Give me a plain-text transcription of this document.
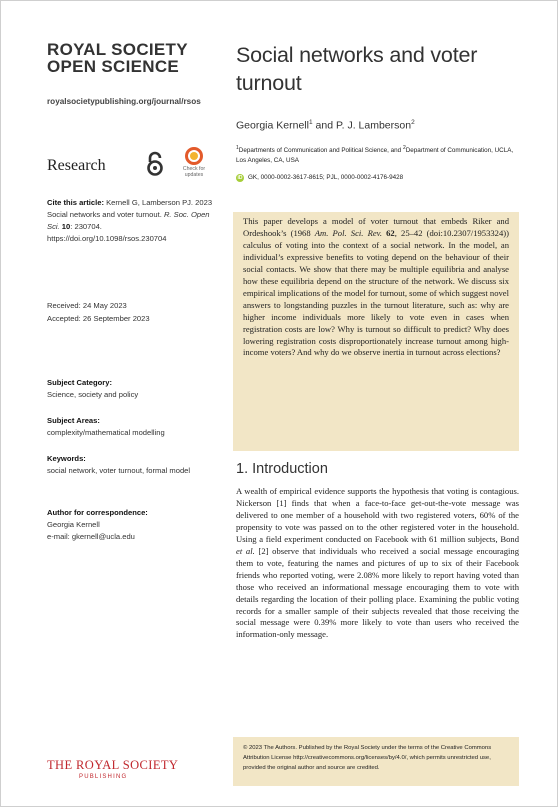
ROYAL SOCIETY
OPEN SCIENCE
royalsocietypublishing.org/journal/rsos
Research	Check for updates
Cite this article: Kernell G, Lamberson PJ. 2023 Social networks and voter turnout. R. Soc. Open Sci. 10: 230704.
https://doi.org/10.1098/rsos.230704
Received: 24 May 2023
Accepted: 26 September 2023
Subject Category:
Science, society and policy
Subject Areas:
complexity/mathematical modelling
Keywords:
social network, voter turnout, formal model
Author for correspondence:
Georgia Kernell
e-mail: gkernell@ucla.edu
THE ROYAL SOCIETY
PUBLISHING
Social networks and voter turnout
Georgia Kernell$^1$ and P. J. Lamberson$^2$
$^1$Departments of Communication and Political Science, and $^2$Department of Communication, UCLA, Los Angeles, CA, USA
iD GK, 0000-0002-3617-8615; PJL, 0000-0002-4176-9428

This paper develops a model of voter turnout that embeds Riker and Ordeshook’s (1968 Am. Pol. Sci. Rev. 62, 25–42 (doi:10.2307/1953324)) calculus of voting into the context of a social network. In the model, an individual’s expressive benefits to voting depend on the behaviour of their social contacts. We show that there may be multiple equilibria and analyse how these equilibria depend on the structure of the network. We discuss six empirical implications of the model for turnout, some of which suggest novel answers to longstanding puzzles in the turnout literature, such as: why are higher income individuals more likely to vote even in cases when registration costs are low? Why is turnout so difficult to predict? Why does lowering registration costs disproportionately increase turnout among high-income voters? And why do we observe inertia in turnout across elections?

1. Introduction

A wealth of empirical evidence supports the hypothesis that voting is contagious. Nickerson [1] finds that when a face-to-face get-out-the-vote message was delivered to one member of a household with two registered voters, 60% of the propensity to vote was passed on to the other registered voter in the household. Using a field experiment conducted on Facebook with 61 million subjects, Bond et al. [2] observe that individuals who received a social message encouraging them to vote, featuring the names and pictures of up to six of their Facebook friends who reported voting, were 2.08% more likely to report having voted than those who received an informational message encouraging them to vote with details regarding the location of their polling place. Examining the public voting records for a smaller sample of their subjects revealed that those receiving the social message were 0.39% more likely to vote than users who received the information-only message.

© 2023 The Authors. Published by the Royal Society under the terms of the Creative Commons Attribution License http://creativecommons.org/licenses/by/4.0/, which permits unrestricted use, provided the original author and source are credited.
